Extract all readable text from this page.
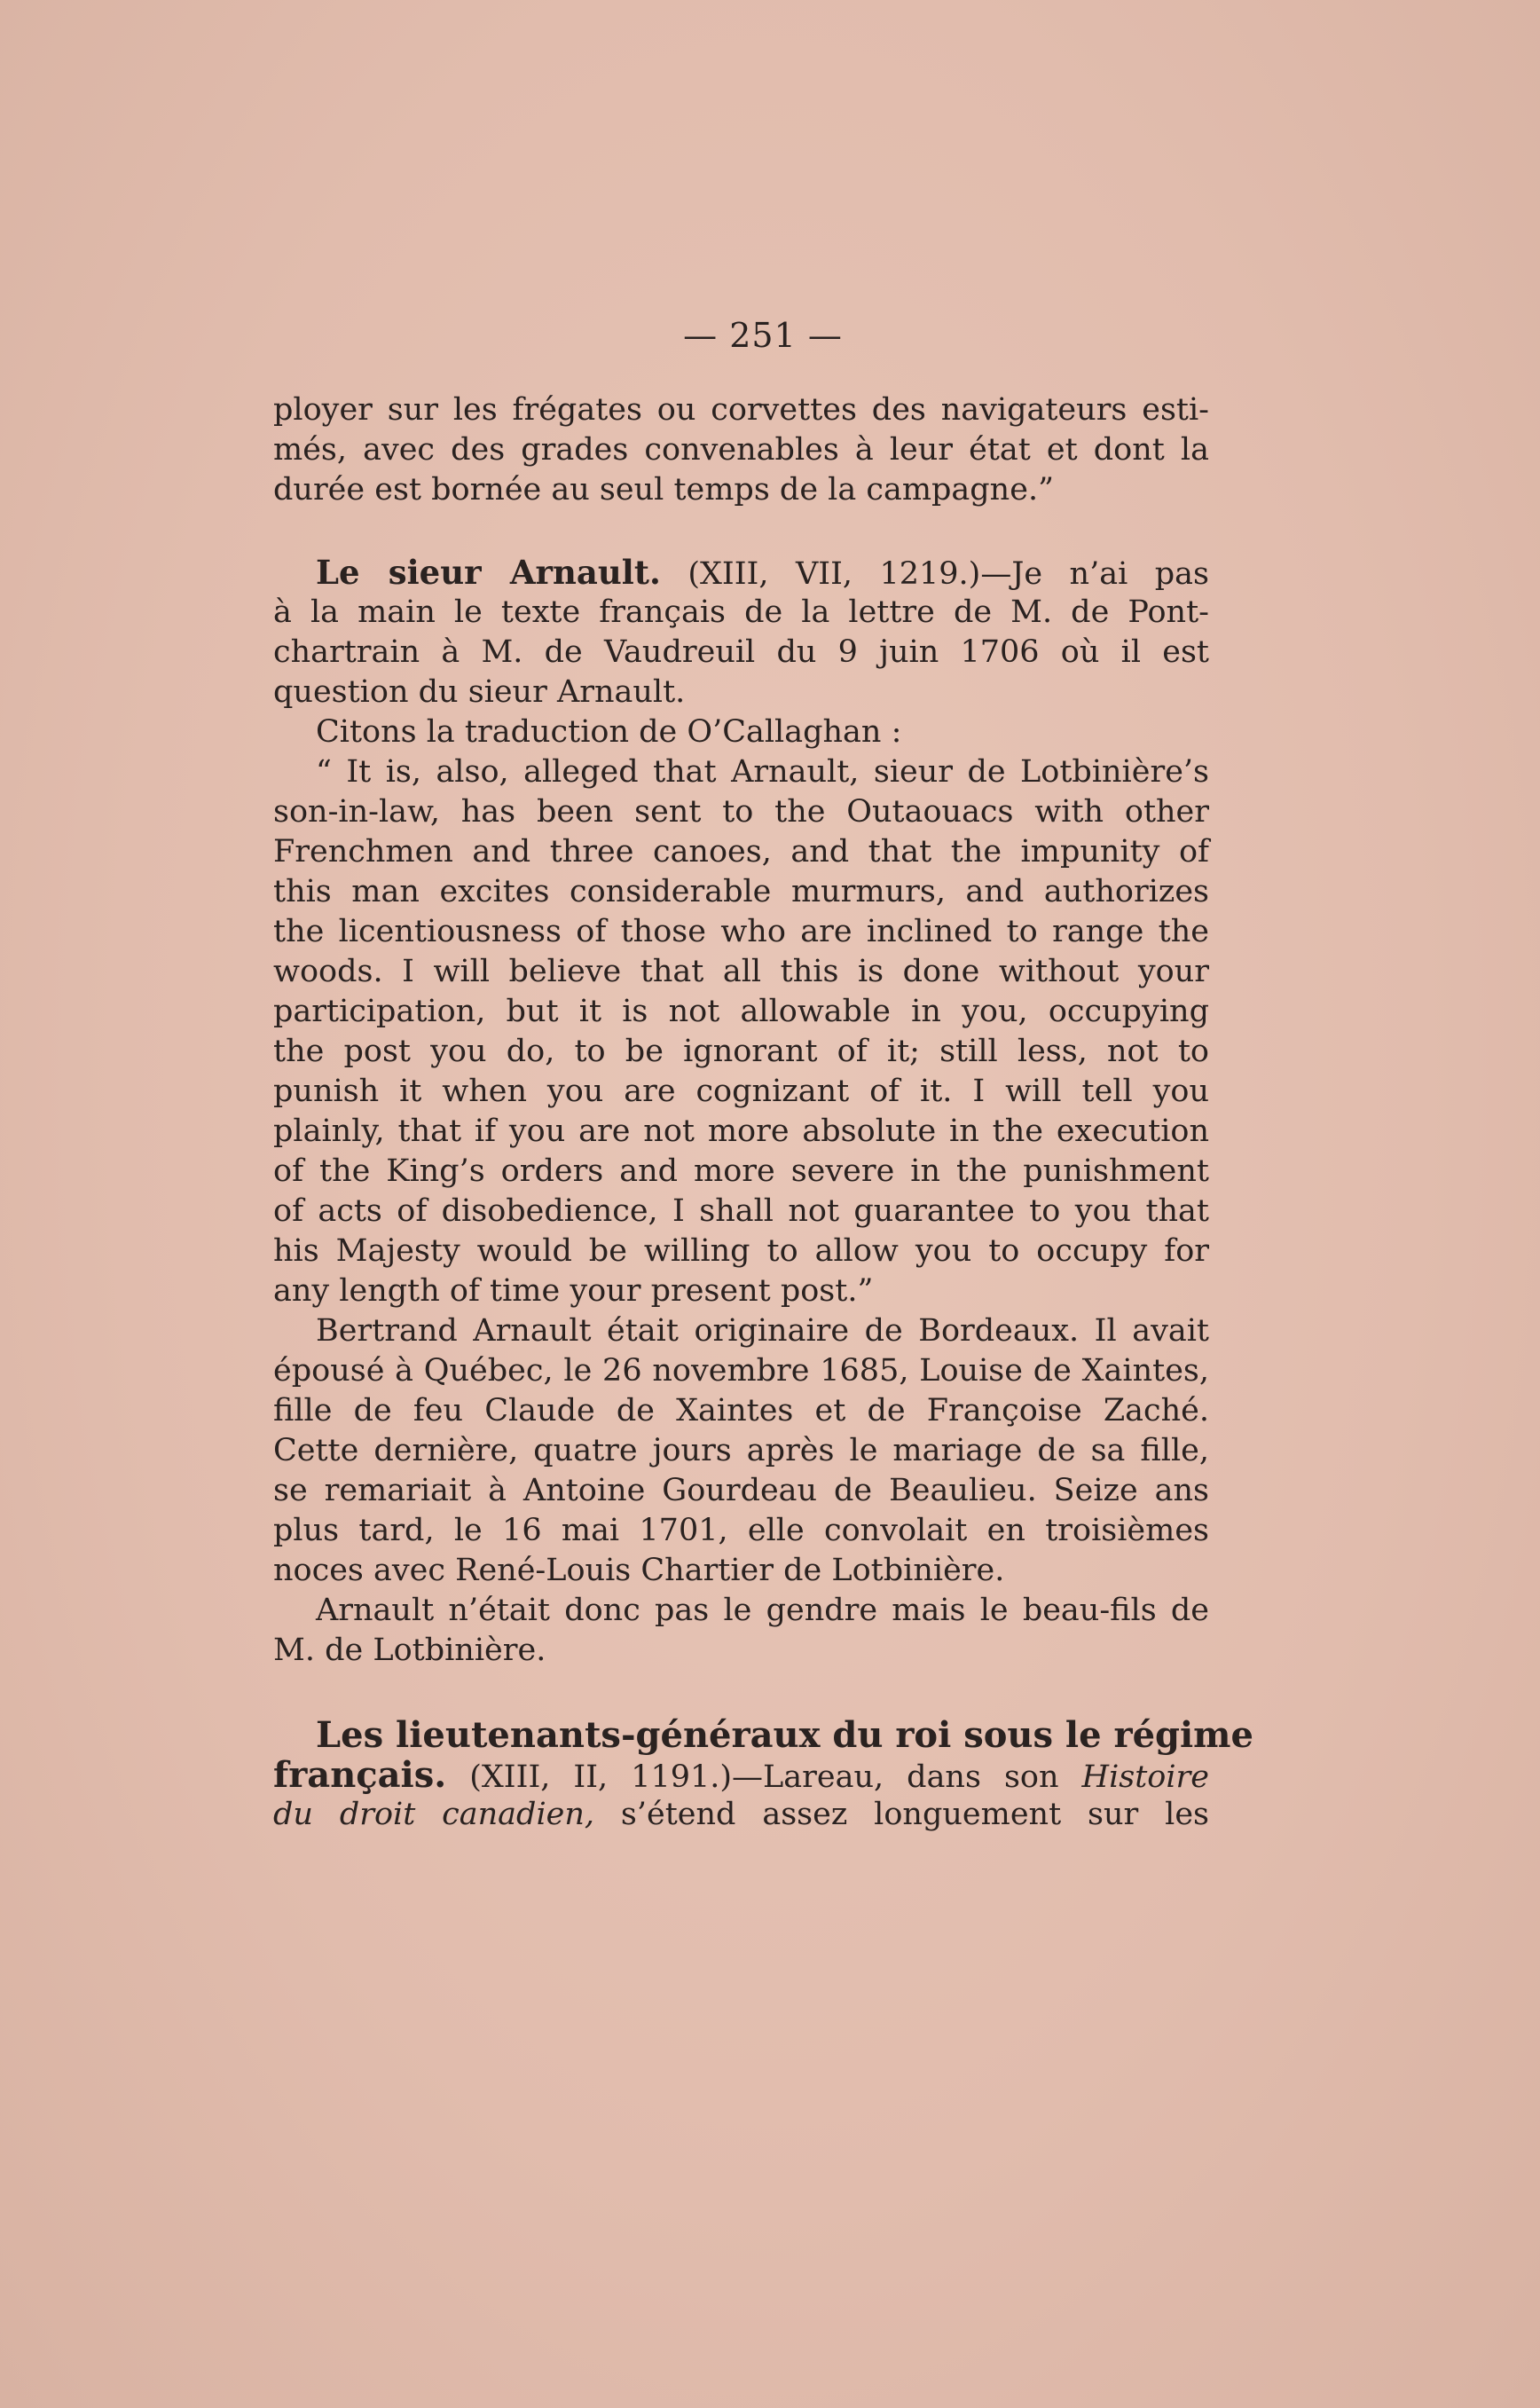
— 251 —
ployer sur les frégates ou corvettes des navigateurs esti-
més, avec des grades convenables à leur état et dont la
durée est bornée au seul temps de la campagne.”
Le sieur Arnault. (XIII, VII, 1219.)—Je n’ai pas
à la main le texte français de la lettre de M. de Pont-
chartrain à M. de Vaudreuil du 9 juin 1706 où il est
question du sieur Arnault.
Citons la traduction de O’Callaghan :
“ It is, also, alleged that Arnault, sieur de Lotbinière’s
son-in-law, has been sent to the Outaouacs with other
Frenchmen and three canoes, and that the impunity of
this man excites considerable murmurs, and authorizes
the licentiousness of those who are inclined to range the
woods. I will believe that all this is done without your
participation, but it is not allowable in you, occupying
the post you do, to be ignorant of it; still less, not to
punish it when you are cognizant of it. I will tell you
plainly, that if you are not more absolute in the execution
of the King’s orders and more severe in the punishment
of acts of disobedience, I shall not guarantee to you that
his Majesty would be willing to allow you to occupy for
any length of time your present post.”
Bertrand Arnault était originaire de Bordeaux. Il avait
épousé à Québec, le 26 novembre 1685, Louise de Xaintes,
fille de feu Claude de Xaintes et de Françoise Zaché.
Cette dernière, quatre jours après le mariage de sa fille,
se remariait à Antoine Gourdeau de Beaulieu. Seize ans
plus tard, le 16 mai 1701, elle convolait en troisièmes
noces avec René-Louis Chartier de Lotbinière.
Arnault n’était donc pas le gendre mais le beau-fils de
M. de Lotbinière.
Les lieutenants-généraux du roi sous le régime
français. (XIII, II, 1191.)—Lareau, dans son Histoire
du droit canadien, s’étend assez longuement sur les
